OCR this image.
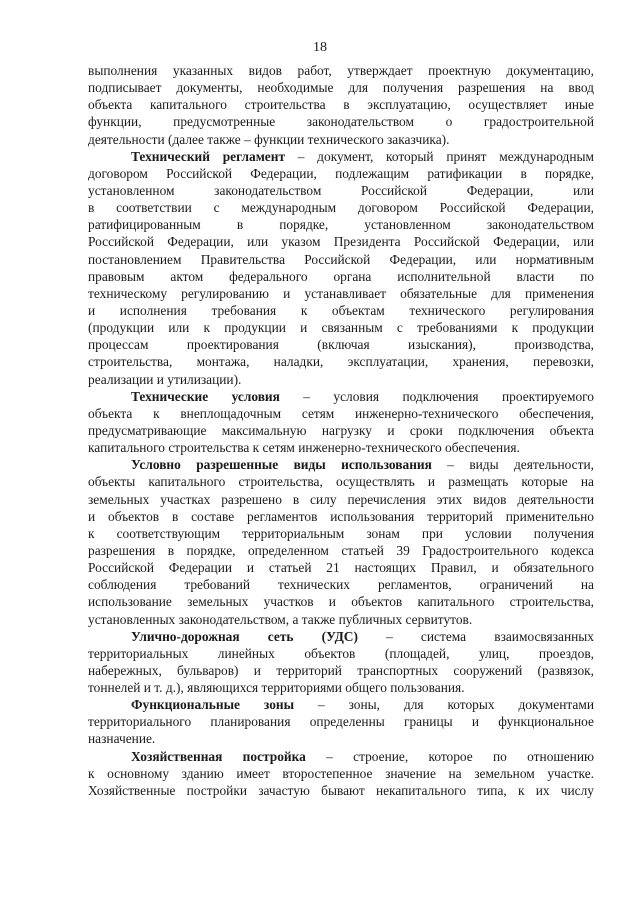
18
выполнения указанных видов работ, утверждает проектную документацию,
подписывает документы, необходимые для получения разрешения на ввод
объекта капитального строительства в эксплуатацию, осуществляет иные
функции, предусмотренные законодательством о градостроительной
деятельности (далее также – функции технического заказчика).
Технический регламент – документ, который принят международным
договором Российской Федерации, подлежащим ратификации в порядке,
установленном законодательством Российской Федерации, или
в соответствии с международным договором Российской Федерации,
ратифицированным в порядке, установленном законодательством
Российской Федерации, или указом Президента Российской Федерации, или
постановлением Правительства Российской Федерации, или нормативным
правовым актом федерального органа исполнительной власти по
техническому регулированию и устанавливает обязательные для применения
и исполнения требования к объектам технического регулирования
(продукции или к продукции и связанным с требованиями к продукции
процессам проектирования (включая изыскания), производства,
строительства, монтажа, наладки, эксплуатации, хранения, перевозки,
реализации и утилизации).
Технические условия – условия подключения проектируемого
объекта к внеплощадочным сетям инженерно-технического обеспечения,
предусматривающие максимальную нагрузку и сроки подключения объекта
капитального строительства к сетям инженерно-технического обеспечения.
Условно разрешенные виды использования – виды деятельности,
объекты капитального строительства, осуществлять и размещать которые на
земельных участках разрешено в силу перечисления этих видов деятельности
и объектов в составе регламентов использования территорий применительно
к соответствующим территориальным зонам при условии получения
разрешения в порядке, определенном статьей 39 Градостроительного кодекса
Российской Федерации и статьей 21 настоящих Правил, и обязательного
соблюдения требований технических регламентов, ограничений на
использование земельных участков и объектов капитального строительства,
установленных законодательством, а также публичных сервитутов.
Улично-дорожная сеть (УДС) – система взаимосвязанных
территориальных линейных объектов (площадей, улиц, проездов,
набережных, бульваров) и территорий транспортных сооружений (развязок,
тоннелей и т. д.), являющихся территориями общего пользования.
Функциональные зоны – зоны, для которых документами
территориального планирования определенны границы и функциональное
назначение.
Хозяйственная постройка – строение, которое по отношению
к основному зданию имеет второстепенное значение на земельном участке.
Хозяйственные постройки зачастую бывают некапитального типа, к их числу
